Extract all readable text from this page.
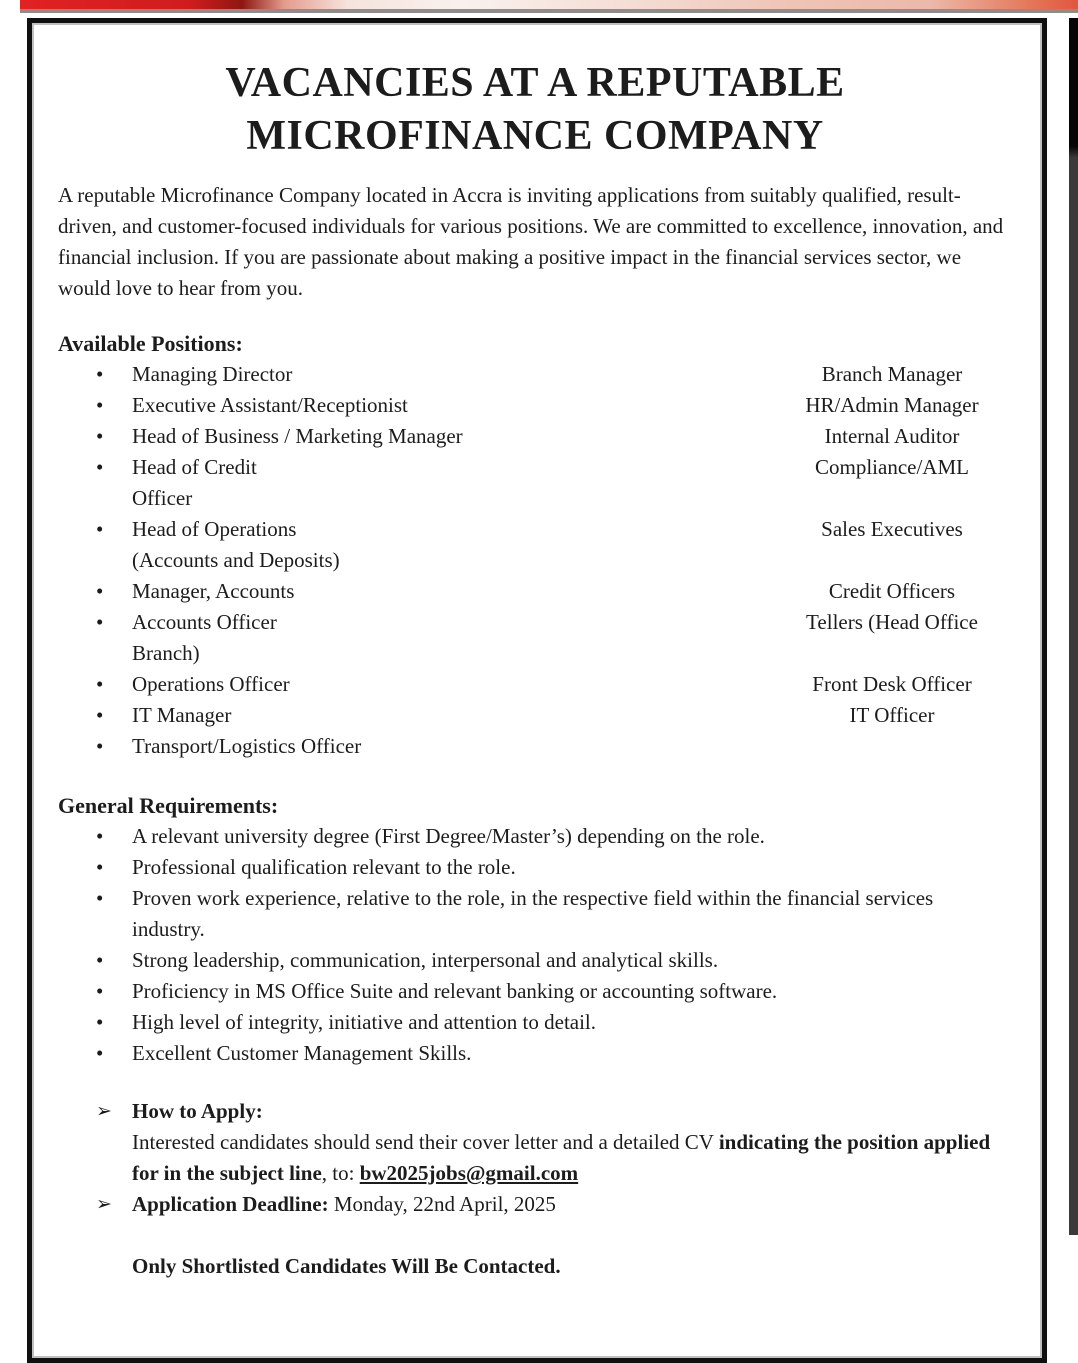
VACANCIES AT A REPUTABLE
MICROFINANCE COMPANY

A reputable Microfinance Company located in Accra is inviting applications from suitably qualified, result-driven, and customer-focused individuals for various positions. We are committed to excellence, innovation, and financial inclusion. If you are passionate about making a positive impact in the financial services sector, we would love to hear from you.

Available Positions:
•	Managing Director	Branch Manager
•	Executive Assistant/Receptionist	HR/Admin Manager
•	Head of Business / Marketing Manager	Internal Auditor
•	Head of Credit	Compliance/AML
Officer
•	Head of Operations	Sales Executives
(Accounts and Deposits)
•	Manager, Accounts	Credit Officers
•	Accounts Officer	Tellers (Head Office
Branch)
•	Operations Officer	Front Desk Officer
•	IT Manager	IT Officer
•	Transport/Logistics Officer
General Requirements:
•	A relevant university degree (First Degree/Master’s) depending on the role.
•	Professional qualification relevant to the role.
•	Proven work experience, relative to the role, in the respective field within the financial services industry.
•	Strong leadership, communication, interpersonal and analytical skills.
•	Proficiency in MS Office Suite and relevant banking or accounting software.
•	High level of integrity, initiative and attention to detail.
•	Excellent Customer Management Skills.
➢ How to Apply:
Interested candidates should send their cover letter and a detailed CV indicating the position applied for in the subject line, to: bw2025jobs@gmail.com
➢ Application Deadline: Monday, 22nd April, 2025
Only Shortlisted Candidates Will Be Contacted.
